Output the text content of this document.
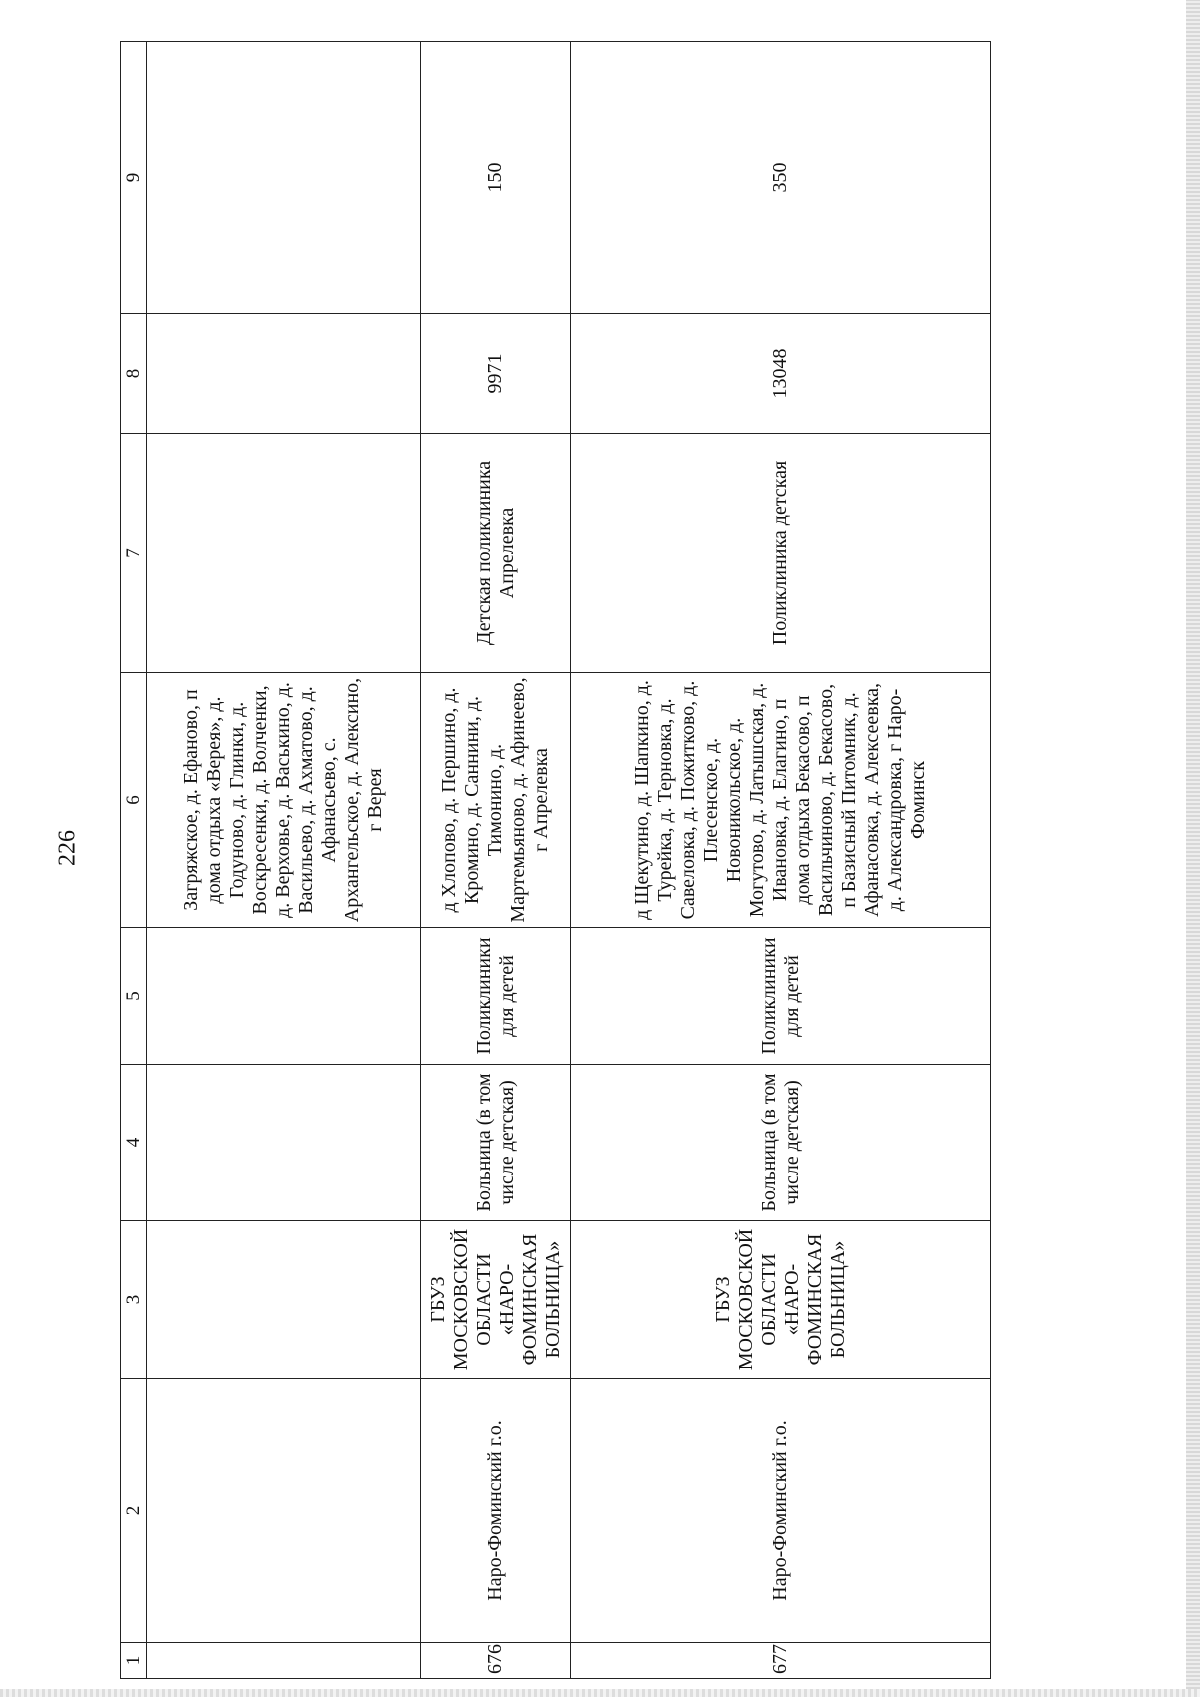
226
1	2	3	4	5	6	7	8	9
					Загряжское, д. Ефаново, п дома отдыха «Верея», д. Годуново, д. Глинки, д. Воскресенки, д. Волченки, д. Верховье, д. Васькино, д. Васильево, д. Ахматово, д. Афанасьево, с. Архангельское, д. Алексино, г Верея			
676	Наро-Фоминский г.о.	ГБУЗ МОСКОВСКОЙ ОБЛАСТИ «НАРО-ФОМИНСКАЯ БОЛЬНИЦА»	Больница (в том числе детская)	Поликлиники для детей	д Хлопово, д. Першино, д. Кромино, д. Саннини, д. Тимонино, д. Мартемьяново, д. Афинеево, г Апрелевка	Детская поликлиника Апрелевка	9971	150
677	Наро-Фоминский г.о.	ГБУЗ МОСКОВСКОЙ ОБЛАСТИ «НАРО-ФОМИНСКАЯ БОЛЬНИЦА»	Больница (в том числе детская)	Поликлиники для детей	д Щекутино, д. Шапкино, д. Турейка, д. Терновка, д. Савеловка, д. Пожитково, д. Плесенское, д. Новоникольское, д. Могутово, д. Латышская, д. Ивановка, д. Елагино, п дома отдыха Бекасово, п Васильчиново, д. Бекасово, п Базисный Питомник, д. Афанасовка, д. Алексеевка, д. Александровка, г Наро-Фоминск	Поликлиника детская	13048	350
